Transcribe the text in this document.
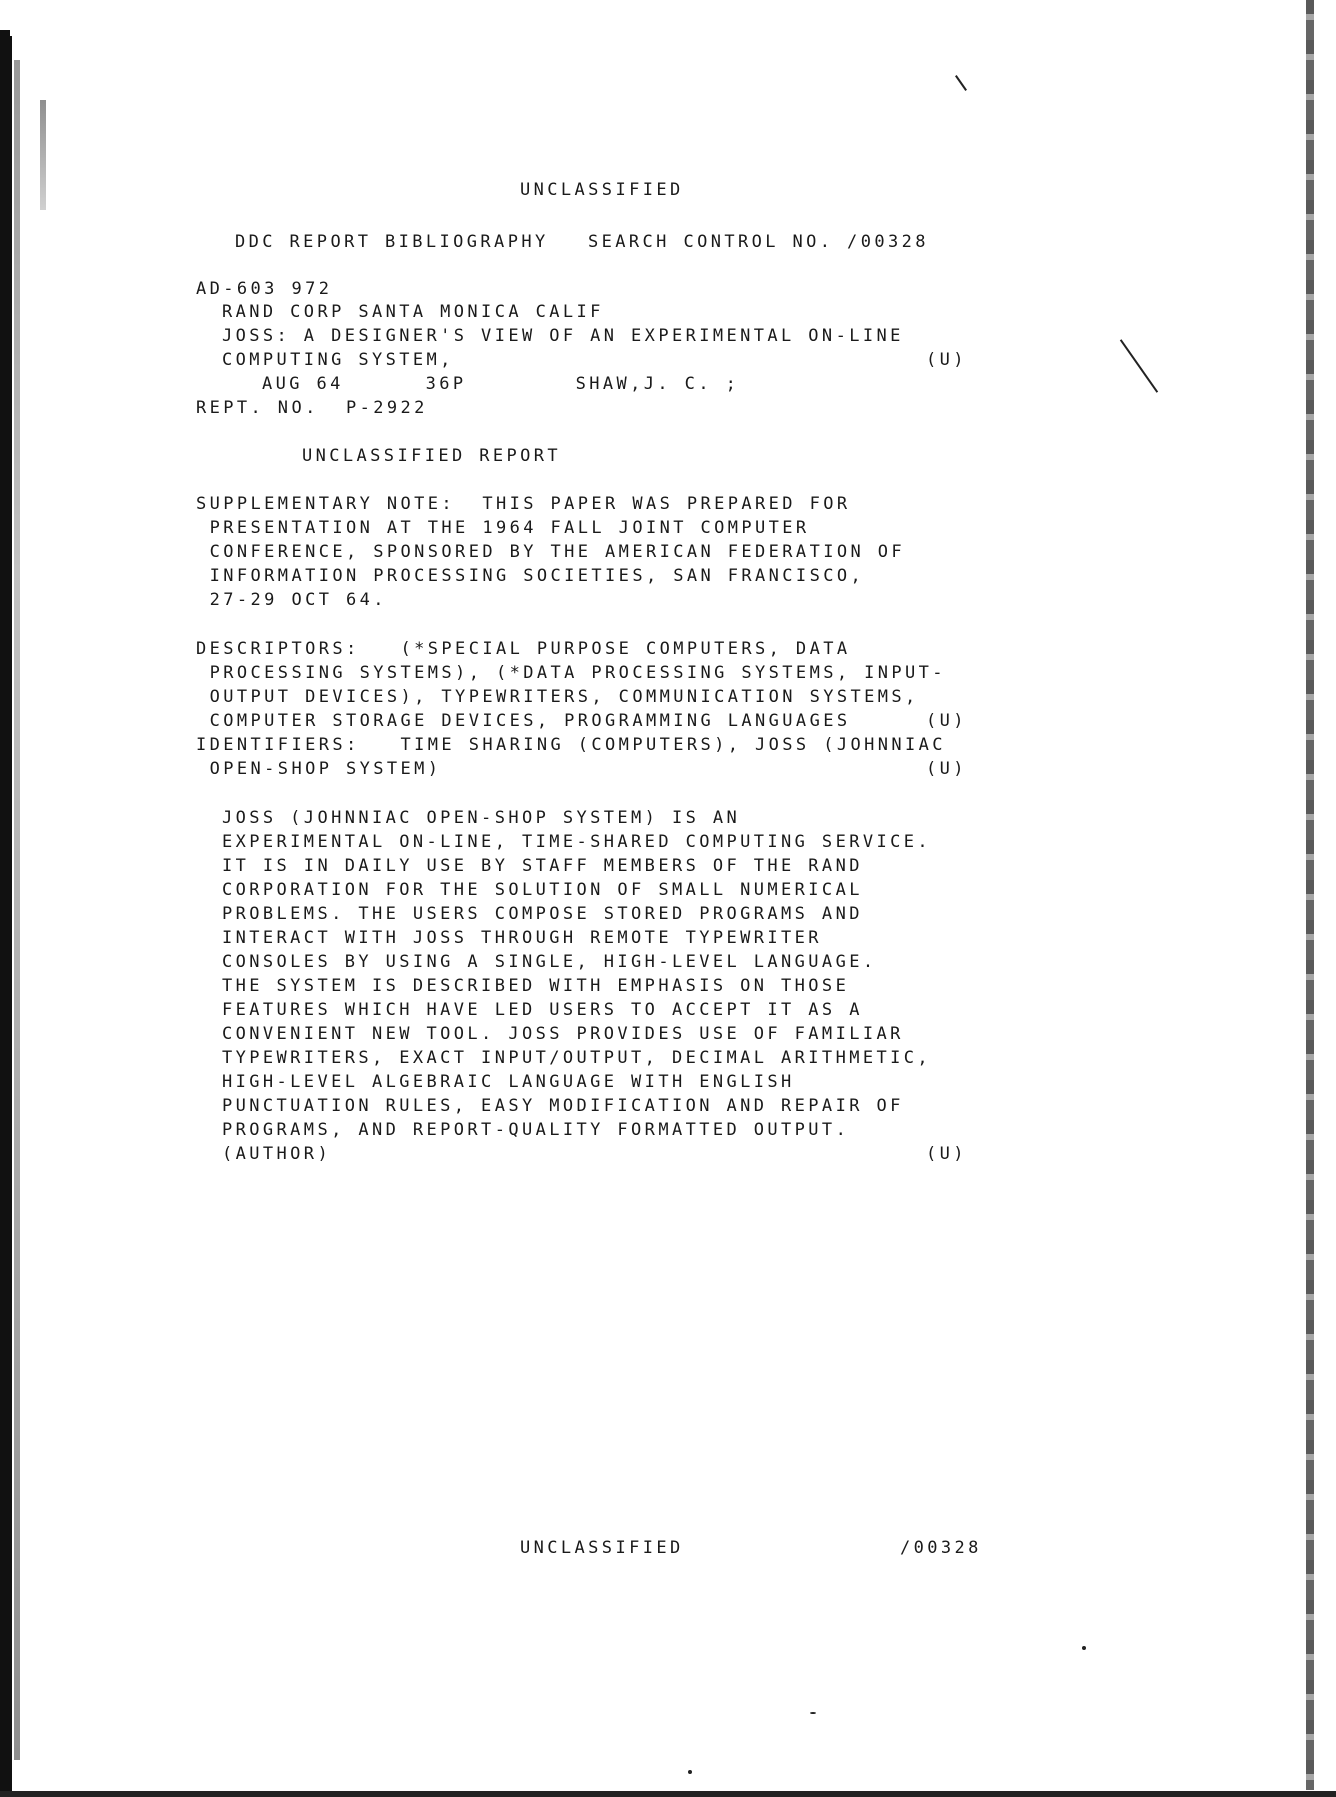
UNCLASSIFIED
DDC REPORT BIBLIOGRAPHY SEARCH CONTROL NO. /00328
AD-603 972
RAND CORP SANTA MONICA CALIF
JOSS: A DESIGNER'S VIEW OF AN EXPERIMENTAL ON-LINE
COMPUTING SYSTEM,	(U)
AUG 64      36P        SHAW,J. C. ;
REPT. NO.  P-2922
UNCLASSIFIED REPORT
SUPPLEMENTARY NOTE:  THIS PAPER WAS PREPARED FOR
PRESENTATION AT THE 1964 FALL JOINT COMPUTER
CONFERENCE, SPONSORED BY THE AMERICAN FEDERATION OF
INFORMATION PROCESSING SOCIETIES, SAN FRANCISCO,
27-29 OCT 64.
DESCRIPTORS:   (*SPECIAL PURPOSE COMPUTERS, DATA
PROCESSING SYSTEMS), (*DATA PROCESSING SYSTEMS, INPUT-
OUTPUT DEVICES), TYPEWRITERS, COMMUNICATION SYSTEMS,
COMPUTER STORAGE DEVICES, PROGRAMMING LANGUAGES	(U)
IDENTIFIERS:   TIME SHARING (COMPUTERS), JOSS (JOHNNIAC
OPEN-SHOP SYSTEM)	(U)
JOSS (JOHNNIAC OPEN-SHOP SYSTEM) IS AN
EXPERIMENTAL ON-LINE, TIME-SHARED COMPUTING SERVICE.
IT IS IN DAILY USE BY STAFF MEMBERS OF THE RAND
CORPORATION FOR THE SOLUTION OF SMALL NUMERICAL
PROBLEMS. THE USERS COMPOSE STORED PROGRAMS AND
INTERACT WITH JOSS THROUGH REMOTE TYPEWRITER
CONSOLES BY USING A SINGLE, HIGH-LEVEL LANGUAGE.
THE SYSTEM IS DESCRIBED WITH EMPHASIS ON THOSE
FEATURES WHICH HAVE LED USERS TO ACCEPT IT AS A
CONVENIENT NEW TOOL. JOSS PROVIDES USE OF FAMILIAR
TYPEWRITERS, EXACT INPUT/OUTPUT, DECIMAL ARITHMETIC,
HIGH-LEVEL ALGEBRAIC LANGUAGE WITH ENGLISH
PUNCTUATION RULES, EASY MODIFICATION AND REPAIR OF
PROGRAMS, AND REPORT-QUALITY FORMATTED OUTPUT.
(AUTHOR)	(U)
UNCLASSIFIED	/00328
